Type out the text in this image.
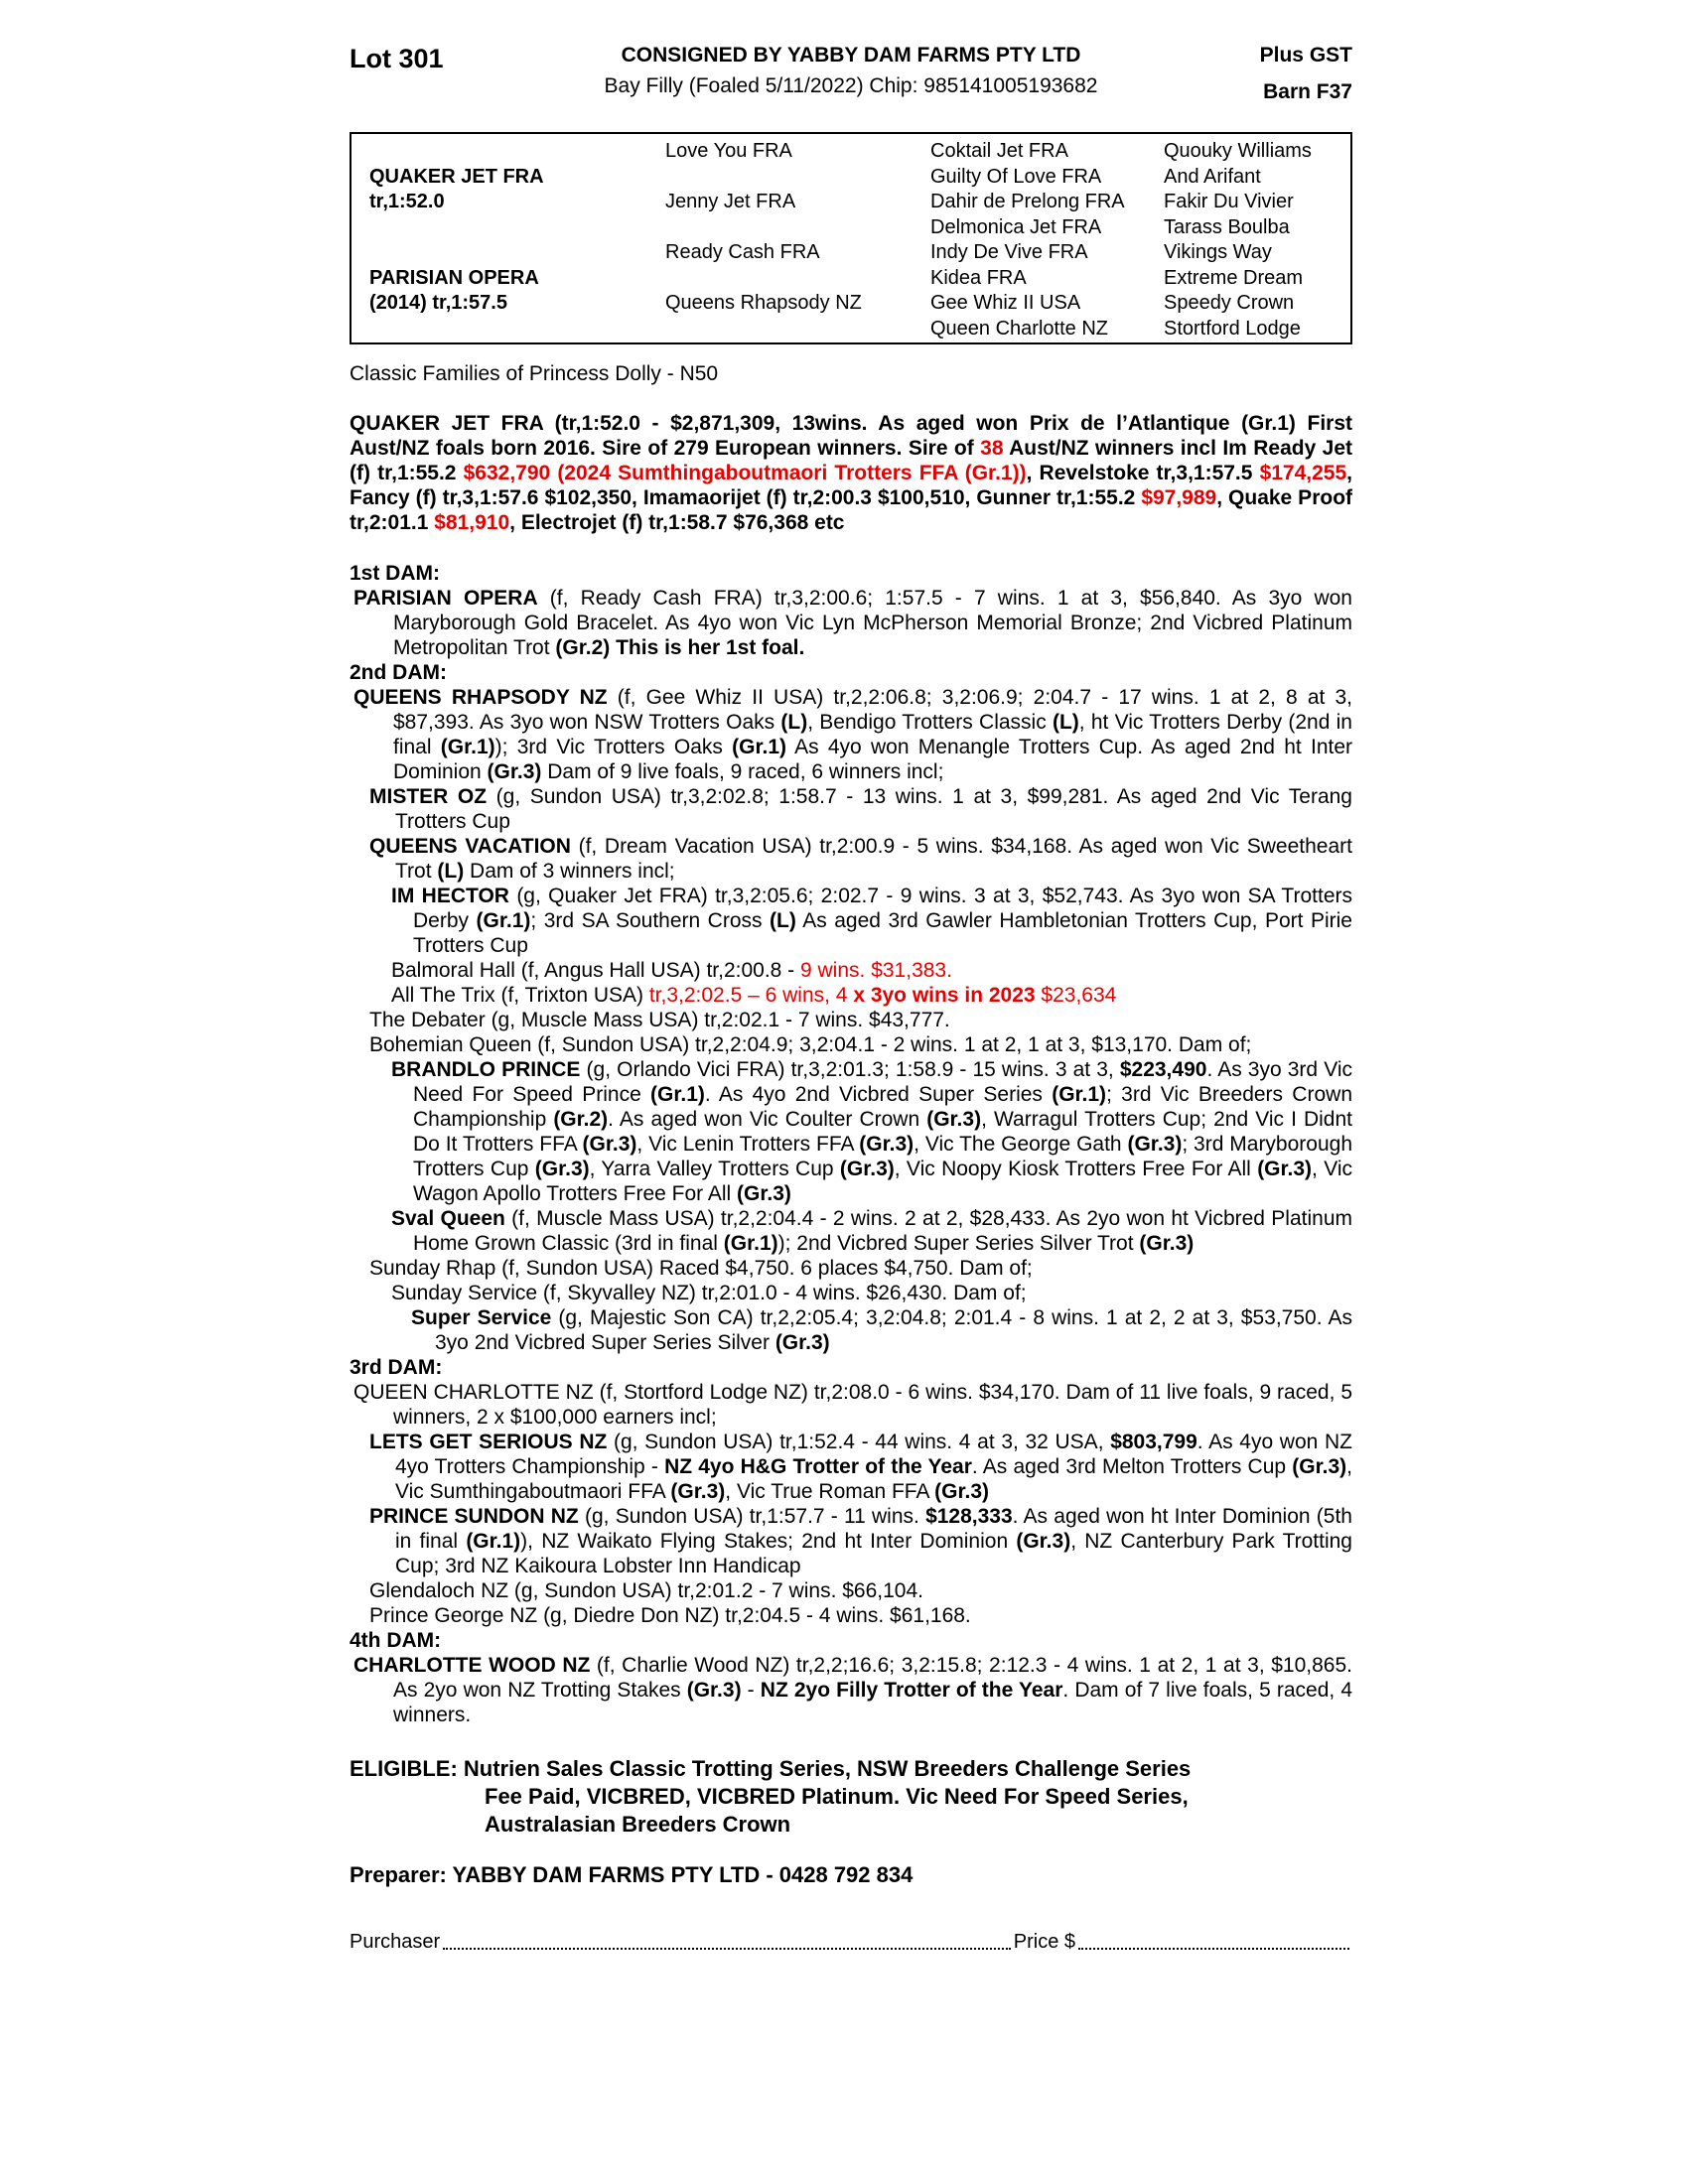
Lot 301	CONSIGNED BY YABBY DAM FARMS PTY LTD
Bay Filly (Foaled 5/11/2022) Chip: 985141005193682
Plus GST
Barn F37

QUAKER JET FRA
tr,1:52.0

PARISIAN OPERA
(2014) tr,1:57.5

Love You FRA

Jenny Jet FRA

Ready Cash FRA

Queens Rhapsody NZ

Coktail Jet FRA
Guilty Of Love FRA
Dahir de Prelong FRA
Delmonica Jet FRA
Indy De Vive FRA
Kidea FRA
Gee Whiz II USA
Queen Charlotte NZ
Quouky Williams
And Arifant
Fakir Du Vivier
Tarass Boulba
Vikings Way
Extreme Dream
Speedy Crown
Stortford Lodge
Classic Families of Princess Dolly - N50
QUAKER JET FRA (tr,1:52.0 - $2,871,309, 13wins. As aged won Prix de l’Atlantique (Gr.1) First Aust/NZ foals born 2016. Sire of 279 European winners. Sire of 38 Aust/NZ winners incl Im Ready Jet (f) tr,1:55.2 $632,790 (2024 Sumthingaboutmaori Trotters FFA (Gr.1)), Revelstoke tr,3,1:57.5 $174,255, Fancy (f) tr,3,1:57.6 $102,350, Imamaorijet (f) tr,2:00.3 $100,510, Gunner tr,1:55.2 $97,989, Quake Proof tr,2:01.1 $81,910, Electrojet (f) tr,1:58.7 $76,368 etc

1st DAM:

PARISIAN OPERA (f, Ready Cash FRA) tr,3,2:00.6; 1:57.5 - 7 wins. 1 at 3, $56,840. As 3yo won Maryborough Gold Bracelet. As 4yo won Vic Lyn McPherson Memorial Bronze; 2nd Vicbred Platinum Metropolitan Trot (Gr.2) This is her 1st foal.

2nd DAM:

QUEENS RHAPSODY NZ (f, Gee Whiz II USA) tr,2,2:06.8; 3,2:06.9; 2:04.7 - 17 wins. 1 at 2, 8 at 3, $87,393. As 3yo won NSW Trotters Oaks (L), Bendigo Trotters Classic (L), ht Vic Trotters Derby (2nd in final (Gr.1)); 3rd Vic Trotters Oaks (Gr.1) As 4yo won Menangle Trotters Cup. As aged 2nd ht Inter Dominion (Gr.3) Dam of 9 live foals, 9 raced, 6 winners incl;

MISTER OZ (g, Sundon USA) tr,3,2:02.8; 1:58.7 - 13 wins. 1 at 3, $99,281. As aged 2nd Vic Terang Trotters Cup

QUEENS VACATION (f, Dream Vacation USA) tr,2:00.9 - 5 wins. $34,168. As aged won Vic Sweetheart Trot (L) Dam of 3 winners incl;

IM HECTOR (g, Quaker Jet FRA) tr,3,2:05.6; 2:02.7 - 9 wins. 3 at 3, $52,743. As 3yo won SA Trotters Derby (Gr.1); 3rd SA Southern Cross (L) As aged 3rd Gawler Hambletonian Trotters Cup, Port Pirie Trotters Cup

Balmoral Hall (f, Angus Hall USA) tr,2:00.8 - 9 wins. $31,383.

All The Trix (f, Trixton USA) tr,3,2:02.5 – 6 wins, 4 x 3yo wins in 2023 $23,634

The Debater (g, Muscle Mass USA) tr,2:02.1 - 7 wins. $43,777.

Bohemian Queen (f, Sundon USA) tr,2,2:04.9; 3,2:04.1 - 2 wins. 1 at 2, 1 at 3, $13,170. Dam of;

BRANDLO PRINCE (g, Orlando Vici FRA) tr,3,2:01.3; 1:58.9 - 15 wins. 3 at 3, $223,490. As 3yo 3rd Vic Need For Speed Prince (Gr.1). As 4yo 2nd Vicbred Super Series (Gr.1); 3rd Vic Breeders Crown Championship (Gr.2). As aged won Vic Coulter Crown (Gr.3), Warragul Trotters Cup; 2nd Vic I Didnt Do It Trotters FFA (Gr.3), Vic Lenin Trotters FFA (Gr.3), Vic The George Gath (Gr.3); 3rd Maryborough Trotters Cup (Gr.3), Yarra Valley Trotters Cup (Gr.3), Vic Noopy Kiosk Trotters Free For All (Gr.3), Vic Wagon Apollo Trotters Free For All (Gr.3)

Sval Queen (f, Muscle Mass USA) tr,2,2:04.4 - 2 wins. 2 at 2, $28,433. As 2yo won ht Vicbred Platinum Home Grown Classic (3rd in final (Gr.1)); 2nd Vicbred Super Series Silver Trot (Gr.3)

Sunday Rhap (f, Sundon USA) Raced $4,750. 6 places $4,750. Dam of;

Sunday Service (f, Skyvalley NZ) tr,2:01.0 - 4 wins. $26,430. Dam of;

Super Service (g, Majestic Son CA) tr,2,2:05.4; 3,2:04.8; 2:01.4 - 8 wins. 1 at 2, 2 at 3, $53,750. As 3yo 2nd Vicbred Super Series Silver (Gr.3)

3rd DAM:

QUEEN CHARLOTTE NZ (f, Stortford Lodge NZ) tr,2:08.0 - 6 wins. $34,170. Dam of 11 live foals, 9 raced, 5 winners, 2 x $100,000 earners incl;

LETS GET SERIOUS NZ (g, Sundon USA) tr,1:52.4 - 44 wins. 4 at 3, 32 USA, $803,799. As 4yo won NZ 4yo Trotters Championship - NZ 4yo H&G Trotter of the Year. As aged 3rd Melton Trotters Cup (Gr.3), Vic Sumthingaboutmaori FFA (Gr.3), Vic True Roman FFA (Gr.3)

PRINCE SUNDON NZ (g, Sundon USA) tr,1:57.7 - 11 wins. $128,333. As aged won ht Inter Dominion (5th in final (Gr.1)), NZ Waikato Flying Stakes; 2nd ht Inter Dominion (Gr.3), NZ Canterbury Park Trotting Cup; 3rd NZ Kaikoura Lobster Inn Handicap

Glendaloch NZ (g, Sundon USA) tr,2:01.2 - 7 wins. $66,104.

Prince George NZ (g, Diedre Don NZ) tr,2:04.5 - 4 wins. $61,168.

4th DAM:

CHARLOTTE WOOD NZ (f, Charlie Wood NZ) tr,2,2;16.6; 3,2:15.8; 2:12.3 - 4 wins. 1 at 2, 1 at 3, $10,865. As 2yo won NZ Trotting Stakes (Gr.3) - NZ 2yo Filly Trotter of the Year. Dam of 7 live foals, 5 raced, 4 winners.

ELIGIBLE: Nutrien Sales Classic Trotting Series, NSW Breeders Challenge Series
Fee Paid, VICBRED, VICBRED Platinum. Vic Need For Speed Series,
Australasian Breeders Crown
Preparer: YABBY DAM FARMS PTY LTD - 0428 792 834
Purchaser	Price $
